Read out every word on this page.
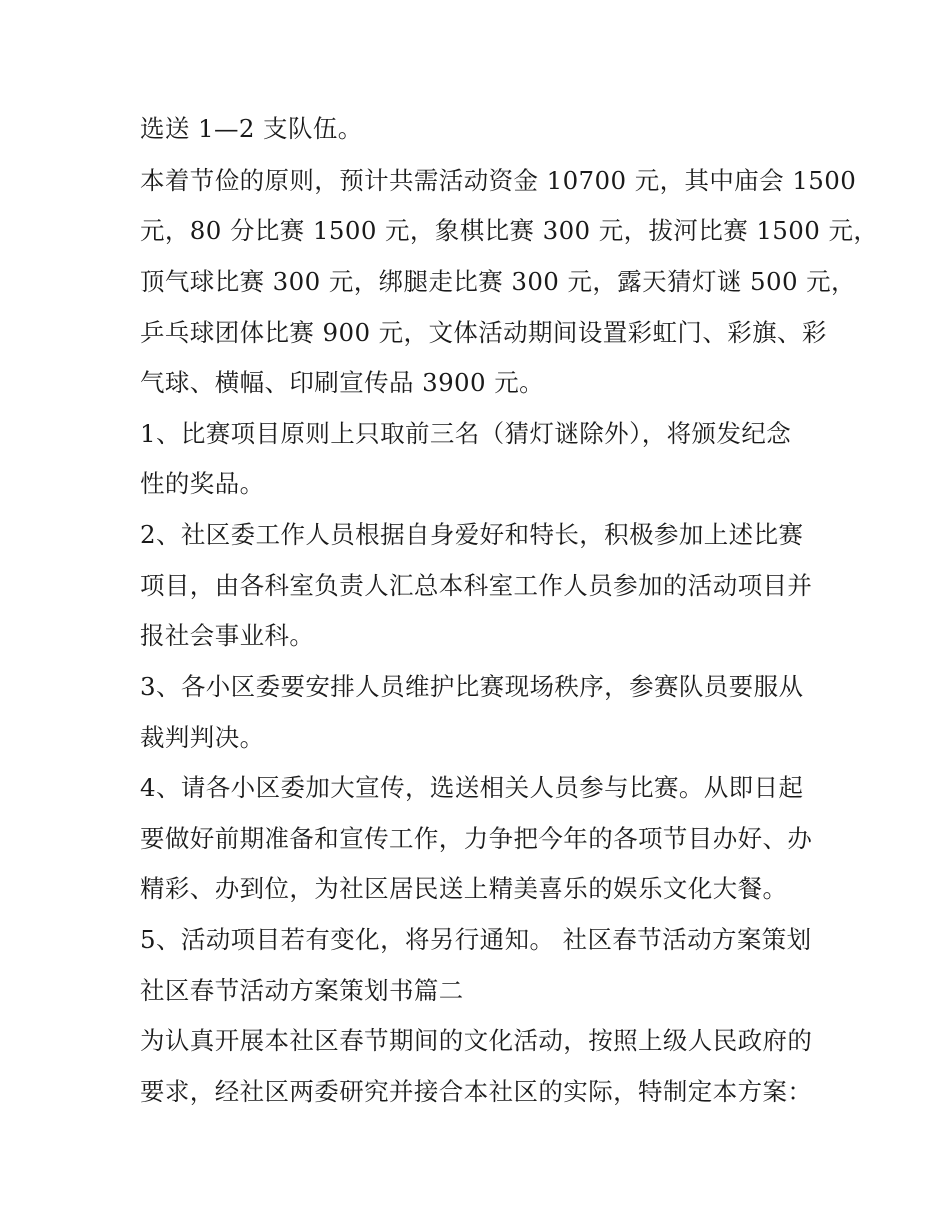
选送 1—2 支队伍。

本着节俭的原则，预计共需活动资金 10700 元，其中庙会 1500

元，80 分比赛 1500 元，象棋比赛 300 元，拔河比赛 1500 元，

顶气球比赛 300 元，绑腿走比赛 300 元，露天猜灯谜 500 元，

乒乓球团体比赛 900 元，文体活动期间设置彩虹门、彩旗、彩

气球、横幅、印刷宣传品 3900 元。

1、比赛项目原则上只取前三名（猜灯谜除外），将颁发纪念

性的奖品。

2、社区委工作人员根据自身爱好和特长，积极参加上述比赛

项目，由各科室负责人汇总本科室工作人员参加的活动项目并

报社会事业科。

3、各小区委要安排人员维护比赛现场秩序，参赛队员要服从

裁判判决。

4、请各小区委加大宣传，选送相关人员参与比赛。从即日起

要做好前期准备和宣传工作，力争把今年的各项节目办好、办

精彩、办到位，为社区居民送上精美喜乐的娱乐文化大餐。

5、活动项目若有变化，将另行通知。 社区春节活动方案策划

社区春节活动方案策划书篇二

为认真开展本社区春节期间的文化活动，按照上级人民政府的

要求，经社区两委研究并接合本社区的实际，特制定本方案：
